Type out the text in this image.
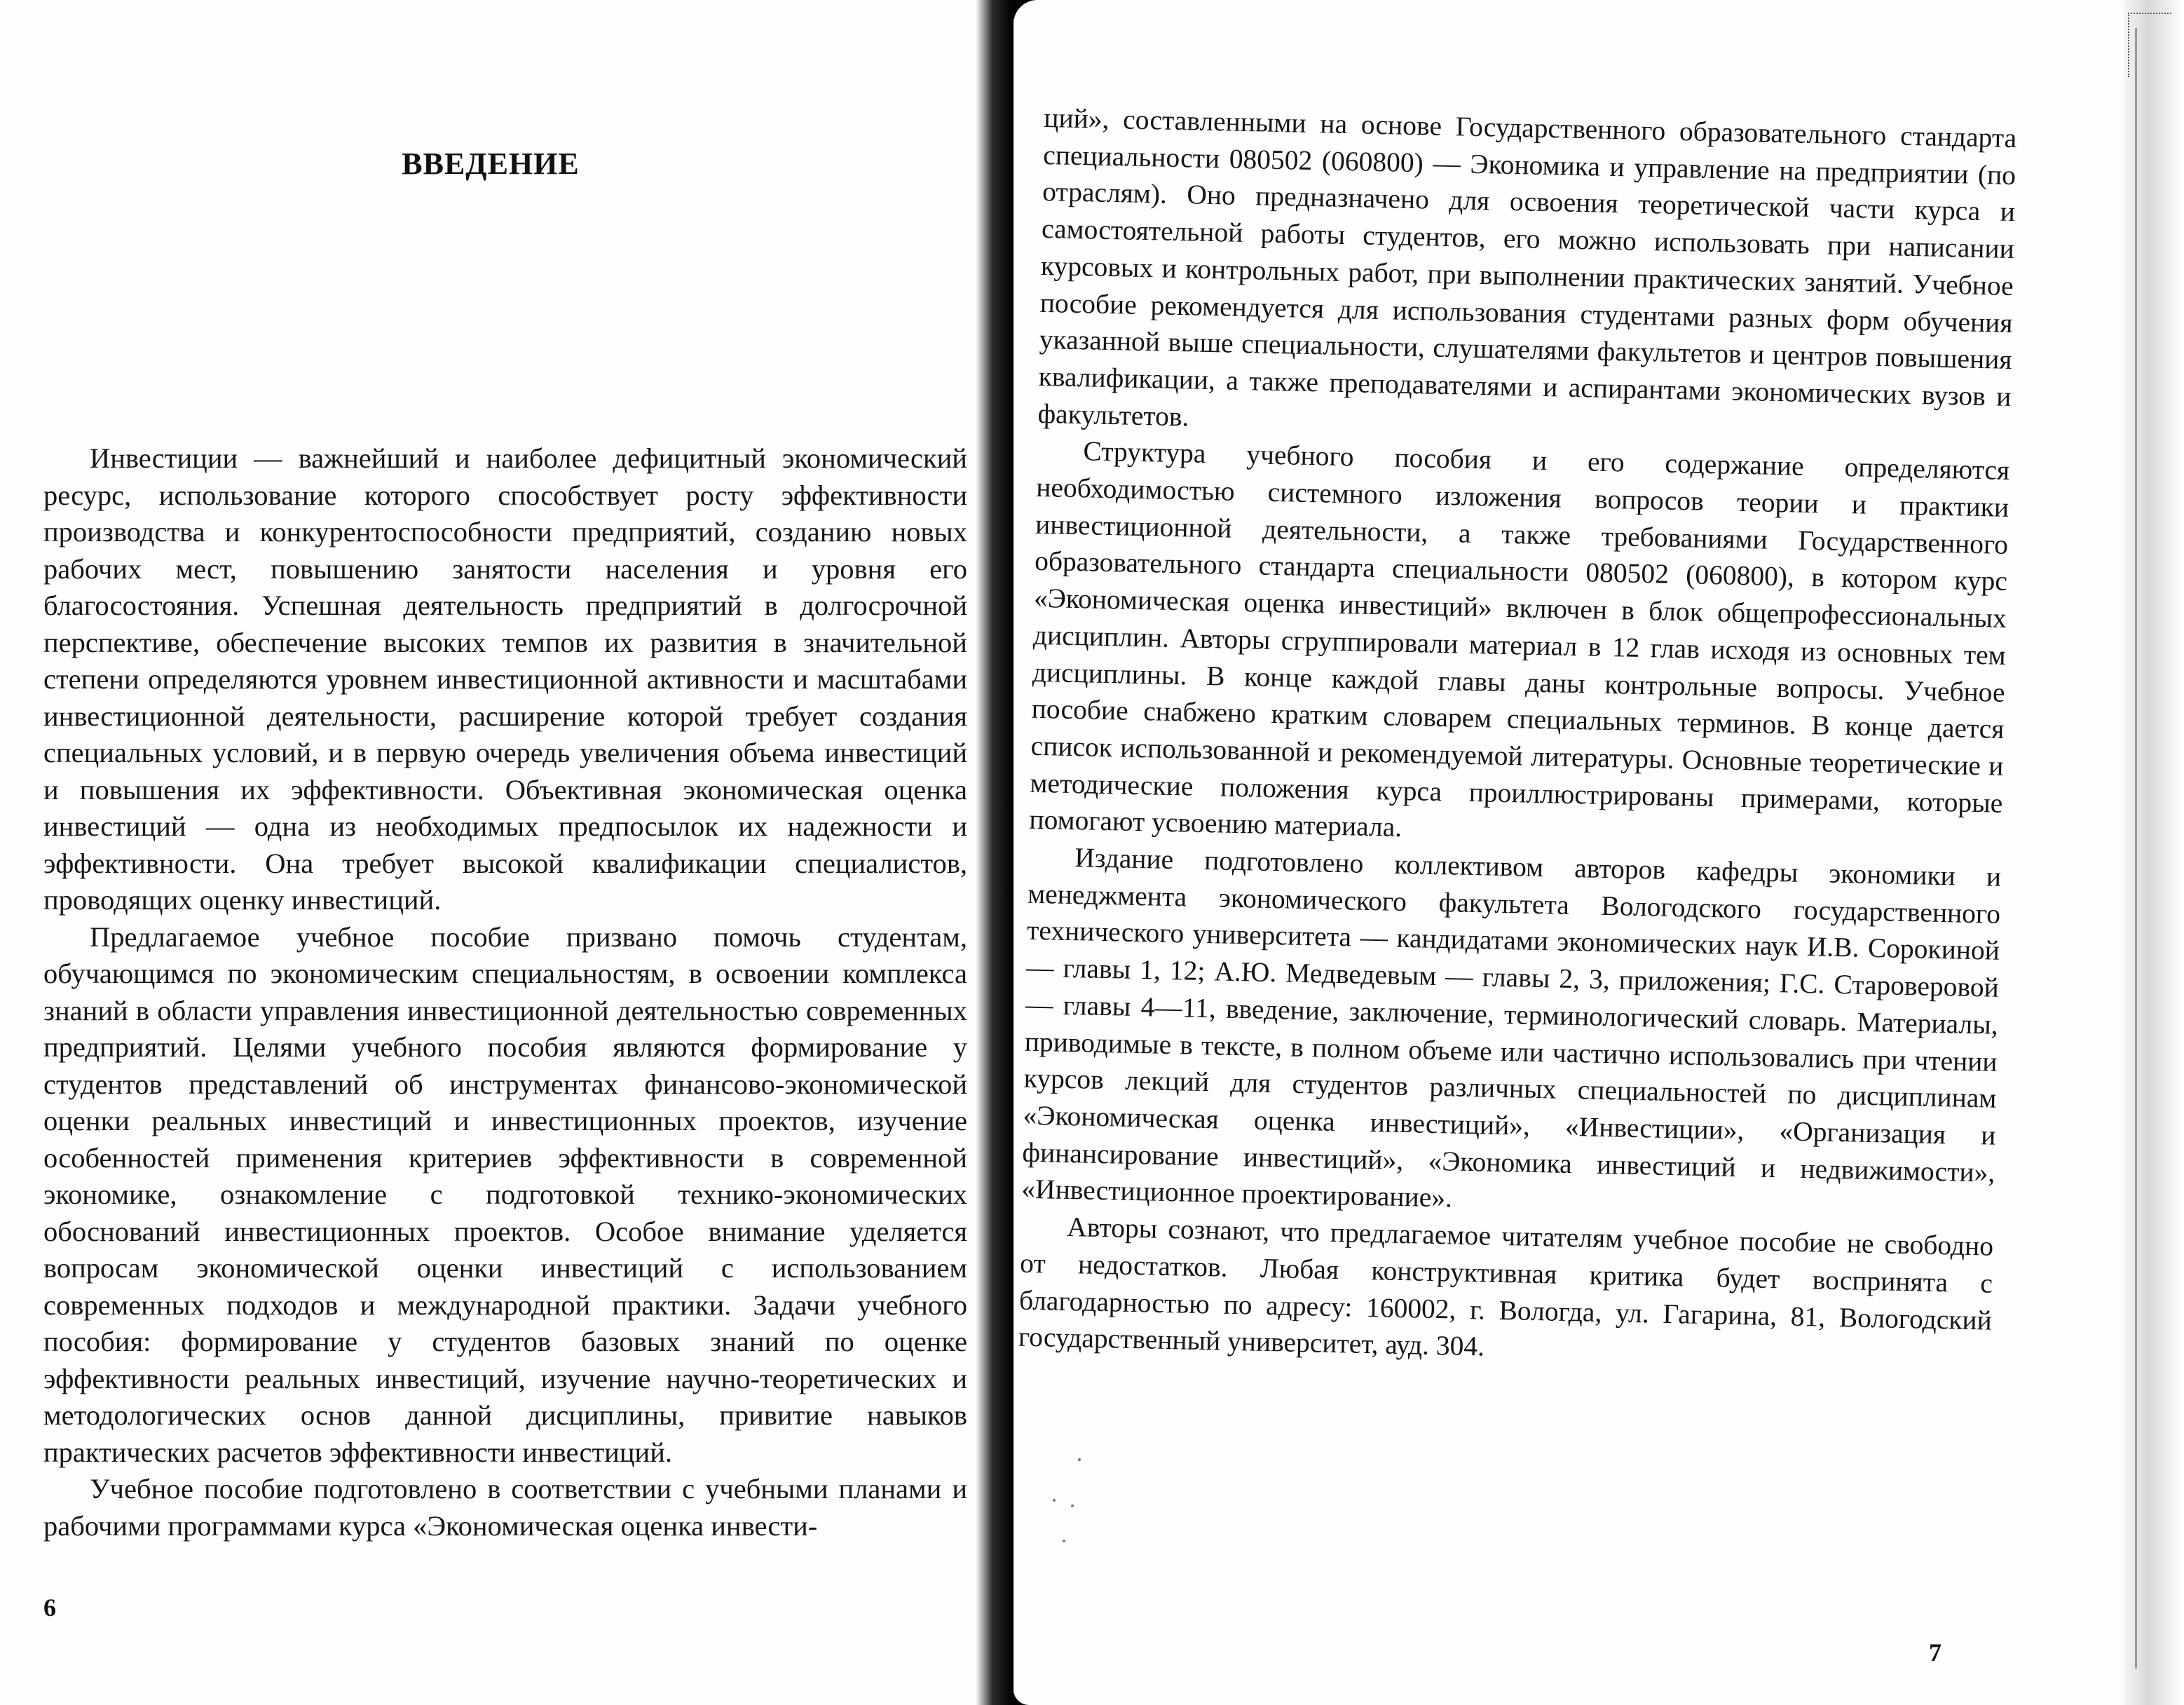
ВВЕДЕНИЕ

Инвестиции — важнейший и наиболее дефицитный экономический ресурс, использование которого способствует росту эффективности производства и конкурентоспособности предприятий, созданию новых рабочих мест, повышению занятости населения и уровня его благосостояния. Успешная деятельность предприятий в долгосрочной перспективе, обеспечение высоких темпов их развития в значительной степени определяются уровнем инвестиционной активности и масштабами инвестиционной деятельности, расширение которой требует создания специальных условий, и в первую очередь увеличения объема инвестиций и повышения их эффективности. Объективная экономическая оценка инвестиций — одна из необходимых предпосылок их надежности и эффективности. Она требует высокой квалификации специалистов, проводящих оценку инвестиций.

Предлагаемое учебное пособие призвано помочь студентам, обучающимся по экономическим специальностям, в освоении комплекса знаний в области управления инвестиционной деятельностью современных предприятий. Целями учебного пособия являются формирование у студентов представлений об инструментах финансово-экономической оценки реальных инвестиций и инвестиционных проектов, изучение особенностей применения критериев эффективности в современной экономике, ознакомление с подготовкой технико-экономических обоснований инвестиционных проектов. Особое внимание уделяется вопросам экономической оценки инвестиций с использованием современных подходов и международной практики. Задачи учебного пособия: формирование у студентов базовых знаний по оценке эффективности реальных инвестиций, изучение научно-теоретических и методологических основ данной дисциплины, привитие навыков практических расчетов эффективности инвестиций.

Учебное пособие подготовлено в соответствии с учебными планами и рабочими программами курса «Экономическая оценка инвести-

6

ций», составленными на основе Государственного образовательного стандарта специальности 080502 (060800) — Экономика и управление на предприятии (по отраслям). Оно предназначено для освоения теоретической части курса и самостоятельной работы студентов, его можно использовать при написании курсовых и контрольных работ, при выполнении практических занятий. Учебное пособие рекомендуется для использования студентами разных форм обучения указанной выше специальности, слушателями факультетов и центров повышения квалификации, а также преподавателями и аспирантами экономических вузов и факультетов.

Структура учебного пособия и его содержание определяются необходимостью системного изложения вопросов теории и практики инвестиционной деятельности, а также требованиями Государственного образовательного стандарта специальности 080502 (060800), в котором курс «Экономическая оценка инвестиций» включен в блок общепрофессиональных дисциплин. Авторы сгруппировали материал в 12 глав исходя из основных тем дисциплины. В конце каждой главы даны контрольные вопросы. Учебное пособие снабжено кратким словарем специальных терминов. В конце дается список использованной и рекомендуемой литературы. Основные теоретические и методические положения курса проиллюстрированы примерами, которые помогают усвоению материала.

Издание подготовлено коллективом авторов кафедры экономики и менеджмента экономического факультета Вологодского государственного технического университета — кандидатами экономических наук И.В. Сорокиной — главы 1, 12; А.Ю. Медведевым — главы 2, 3, приложения; Г.С. Староверовой — главы 4—11, введение, заключение, терминологический словарь. Материалы, приводимые в тексте, в полном объеме или частично использовались при чтении курсов лекций для студентов различных специальностей по дисциплинам «Экономическая оценка инвестиций», «Инвестиции», «Организация и финансирование инвестиций», «Экономика инвестиций и недвижимости», «Инвестиционное проектирование».

Авторы сознают, что предлагаемое читателям учебное пособие не свободно от недостатков. Любая конструктивная критика будет воспринята с благодарностью по адресу: 160002, г. Вологда, ул. Гагарина, 81, Вологодский государственный университет, ауд. 304.

7
